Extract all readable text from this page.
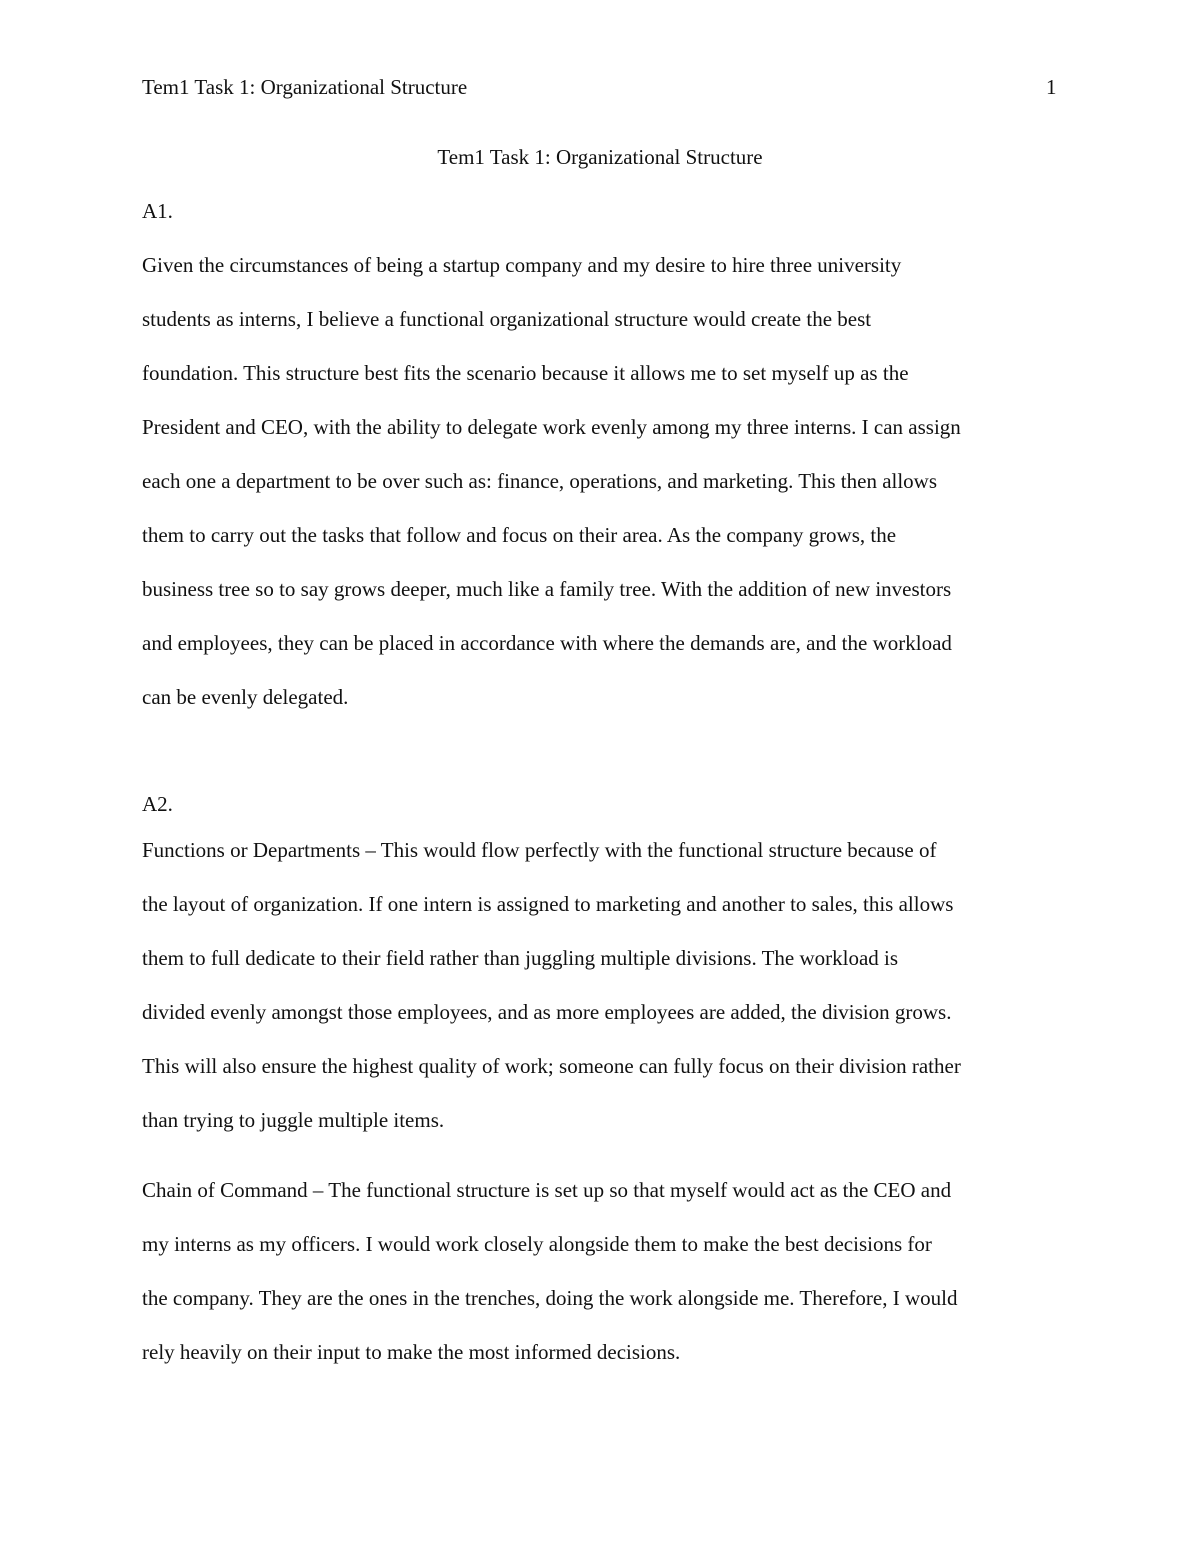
Tem1 Task 1: Organizational Structure	1
Tem1 Task 1: Organizational Structure
A1.
Given the circumstances of being a startup company and my desire to hire three university
students as interns, I believe a functional organizational structure would create the best
foundation. This structure best fits the scenario because it allows me to set myself up as the
President and CEO, with the ability to delegate work evenly among my three interns. I can assign
each one a department to be over such as: finance, operations, and marketing. This then allows
them to carry out the tasks that follow and focus on their area. As the company grows, the
business tree so to say grows deeper, much like a family tree. With the addition of new investors
and employees, they can be placed in accordance with where the demands are, and the workload
can be evenly delegated.
A2.
Functions or Departments – This would flow perfectly with the functional structure because of
the layout of organization. If one intern is assigned to marketing and another to sales, this allows
them to full dedicate to their field rather than juggling multiple divisions. The workload is
divided evenly amongst those employees, and as more employees are added, the division grows.
This will also ensure the highest quality of work; someone can fully focus on their division rather
than trying to juggle multiple items.
Chain of Command – The functional structure is set up so that myself would act as the CEO and
my interns as my officers. I would work closely alongside them to make the best decisions for
the company. They are the ones in the trenches, doing the work alongside me. Therefore, I would
rely heavily on their input to make the most informed decisions.
